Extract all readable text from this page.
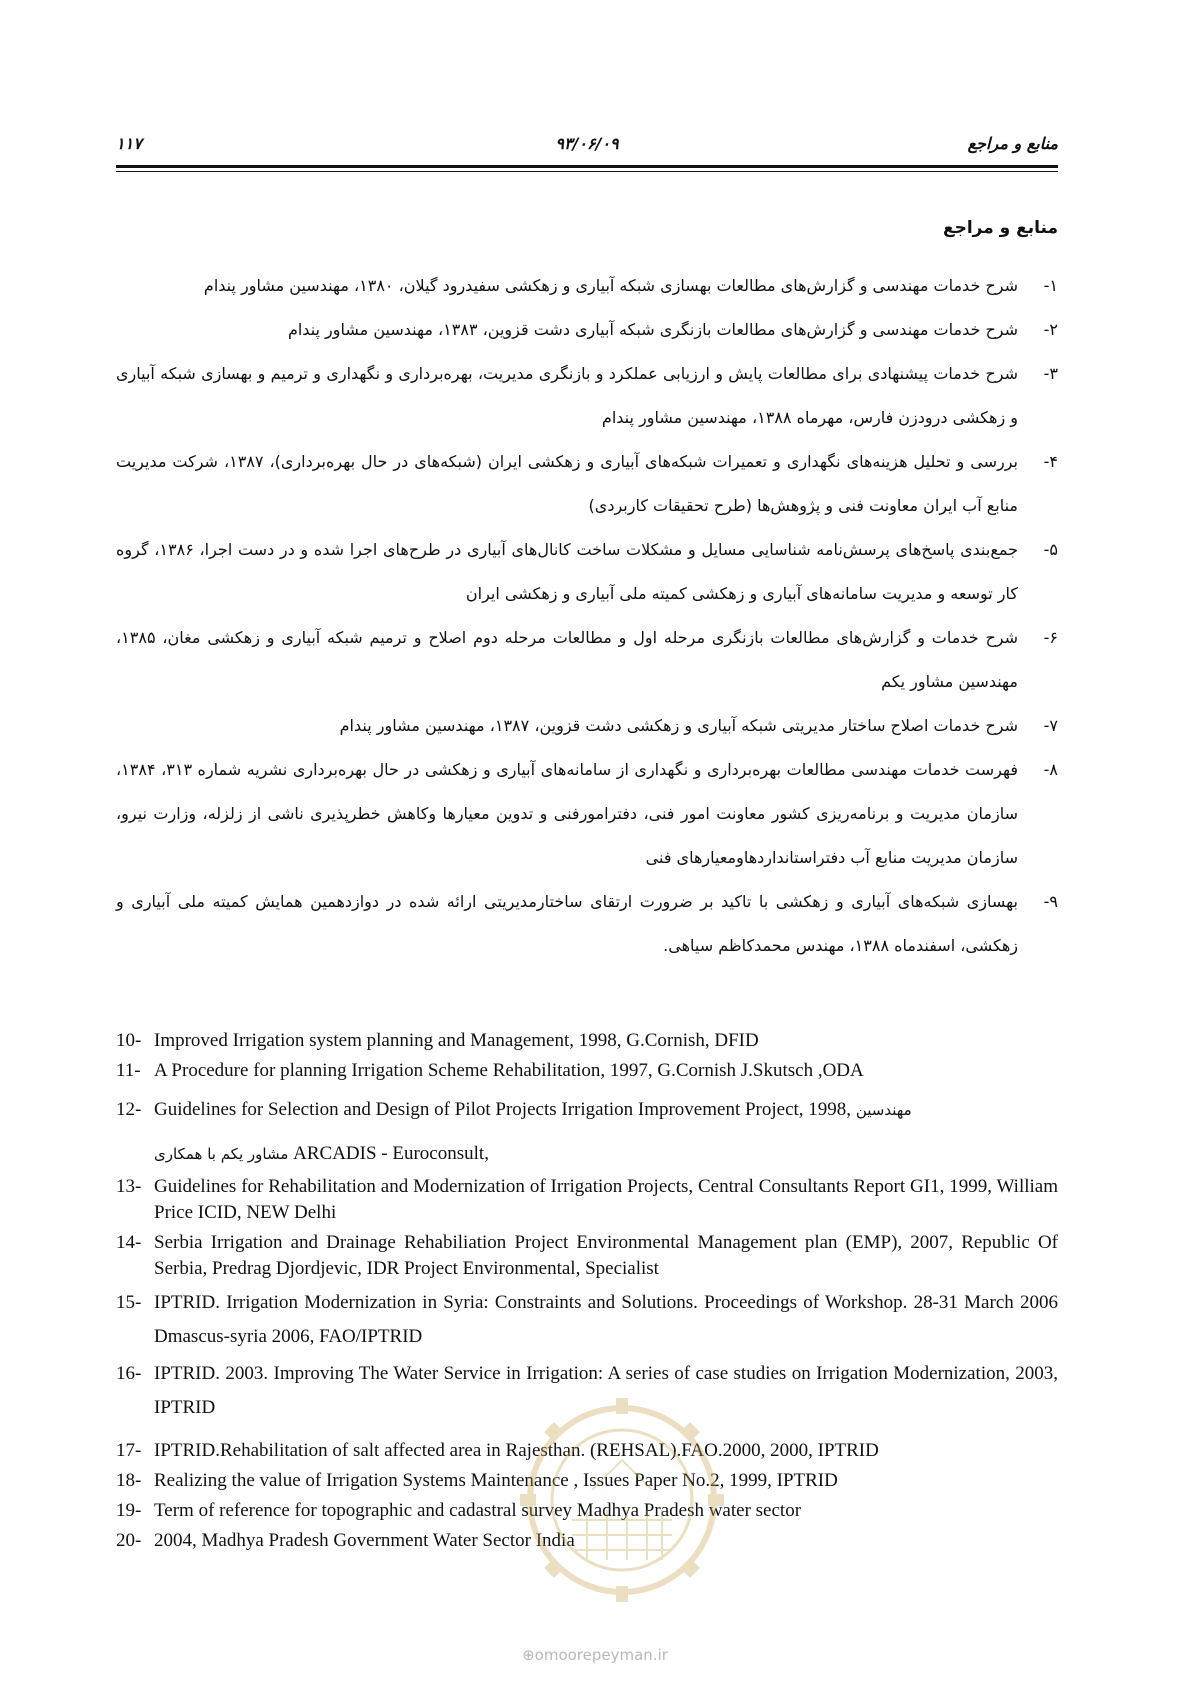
منابع و مراجع
۹۳/۰۶/۰۹
۱۱۷
منابع و مراجع
۱-
شرح خدمات مهندسی و گزارش‌های مطالعات بهسازی شبکه آبیاری و زهکشی سفیدرود گیلان، ۱۳۸۰، مهندسین مشاور پندام
۲-
شرح خدمات مهندسی و گزارش‌های مطالعات بازنگری شبکه آبیاری دشت قزوین، ۱۳۸۳، مهندسین مشاور پندام
۳-
شرح خدمات پیشنهادی برای مطالعات پایش و ارزیابی عملکرد و بازنگری مدیریت، بهره‌برداری و نگهداری و ترمیم و بهسازی شبکه آبیاری و زهکشی درودزن فارس، مهرماه ۱۳۸۸، مهندسین مشاور پندام
۴-
بررسی و تحلیل هزینه‌های نگهداری و تعمیرات شبکه‌های آبیاری و زهکشی ایران (شبکه‌های در حال بهره‌برداری)، ۱۳۸۷، شرکت مدیریت منابع آب ایران معاونت فنی و پژوهش‌ها (طرح تحقیقات کاربردی)
۵-
جمع‌بندی پاسخ‌های پرسش‌نامه شناسایی مسایل و مشکلات ساخت کانال‌های آبیاری در طرح‌های اجرا شده و در دست اجرا، ۱۳۸۶، گروه کار توسعه و مدیریت سامانه‌های آبیاری و زهکشی کمیته ملی آبیاری و زهکشی ایران
۶-
شرح خدمات و گزارش‌های مطالعات بازنگری مرحله اول و مطالعات مرحله دوم اصلاح و ترمیم شبکه آبیاری و زهکشی مغان، ۱۳۸۵، مهندسین مشاور یکم
۷-
شرح خدمات اصلاح ساختار مدیریتی شبکه آبیاری و زهکشی دشت قزوین، ۱۳۸۷، مهندسین مشاور پندام
۸-
فهرست خدمات مهندسی مطالعات بهره‌برداری و نگهداری از سامانه‌های آبیاری و زهکشی در حال بهره‌برداری نشریه شماره ۳۱۳، ۱۳۸۴، سازمان مدیریت و برنامه‌ریزی کشور معاونت امور فنی، دفترامورفنی و تدوین معیارها وکاهش خطرپذیری ناشی از زلزله، وزارت نیرو، سازمان مدیریت منابع آب دفتراستانداردهاومعیارهای فنی
۹-
بهسازی شبکه‌های آبیاری و زهکشی با تاکید بر ضرورت ارتقای ساختارمدیریتی ارائه شده در دوازدهمین همایش کمیته ملی آبیاری و زهکشی، اسفندماه ۱۳۸۸، مهندس محمدکاظم سیاهی.
10- Improved Irrigation system planning and Management, 1998, G.Cornish, DFID
11- A Procedure for planning Irrigation Scheme Rehabilitation, 1997, G.Cornish J.Skutsch ,ODA
12- Guidelines for Selection and Design of Pilot Projects Irrigation Improvement Project, 1998, مهندسین
مشاور یکم با همکاری ARCADIS - Euroconsult,
13- Guidelines for Rehabilitation and Modernization of Irrigation Projects, Central Consultants Report GI1, 1999, William Price ICID, NEW Delhi
14- Serbia Irrigation and Drainage Rehabiliation Project Environmental Management plan (EMP), 2007, Republic Of Serbia, Predrag Djordjevic, IDR Project Environmental, Specialist
15- IPTRID. Irrigation Modernization in Syria: Constraints and Solutions. Proceedings of Workshop. 28-31 March 2006 Dmascus-syria 2006, FAO/IPTRID
16- IPTRID. 2003. Improving The Water Service in Irrigation: A series of case studies on Irrigation Modernization, 2003, IPTRID
17- IPTRID.Rehabilitation of salt affected area in Rajesthan. (REHSAL).FAO.2000, 2000, IPTRID
18- Realizing the value of Irrigation Systems Maintenance , Issues Paper No.2, 1999, IPTRID
19- Term of reference for topographic and cadastral survey Madhya Pradesh water sector
20- 2004, Madhya Pradesh Government Water Sector India
⊕omoorepeyman.ir
